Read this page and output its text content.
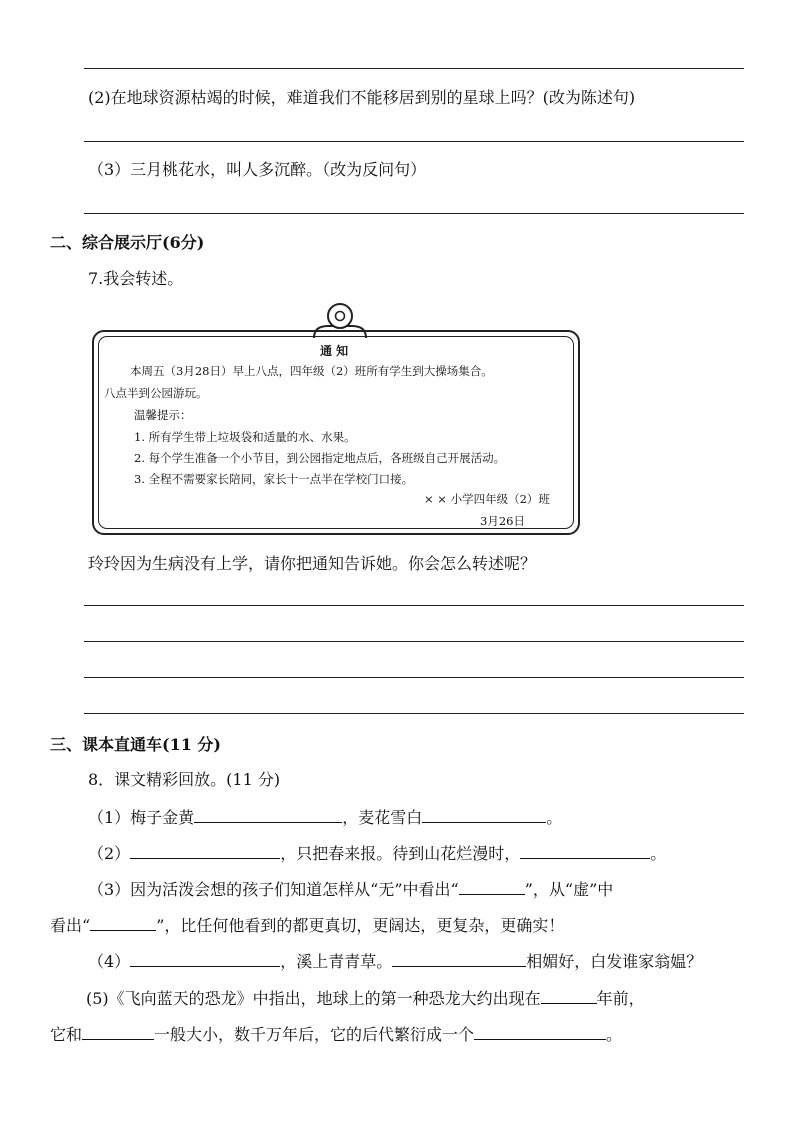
(2)在地球资源枯竭的时候，难道我们不能移居到别的星球上吗？(改为陈述句)
（3）三月桃花水，叫人多沉醉。（改为反问句）
二、综合展示厅(6分)
7.我会转述。
通 知
本周五（3月28日）早上八点，四年级（2）班所有学生到大操场集合。
八点半到公园游玩。
温馨提示：
1. 所有学生带上垃圾袋和适量的水、水果。
2. 每个学生准备一个小节目，到公园指定地点后，各班级自己开展活动。
3. 全程不需要家长陪同，家长十一点半在学校门口接。
× × 小学四年级（2）班
3月26日
玲玲因为生病没有上学，请你把通知告诉她。你会怎么转述呢？
三、课本直通车(11 分)
8．课文精彩回放。(11 分)
（1）梅子金黄	，麦花雪白	。
（2）	，只把春来报。待到山花烂漫时，	。
（3）因为活泼会想的孩子们知道怎样从“无”中看出“	”，从“虚”中
看出“	”，比任何他看到的都更真切，更阔达，更复杂，更确实！
（4）	，溪上青青草。	相媚好，白发谁家翁媪？
(5)《飞向蓝天的恐龙》中指出，地球上的第一种恐龙大约出现在	年前，
它和	一般大小，数千万年后，它的后代繁衍成一个	。
